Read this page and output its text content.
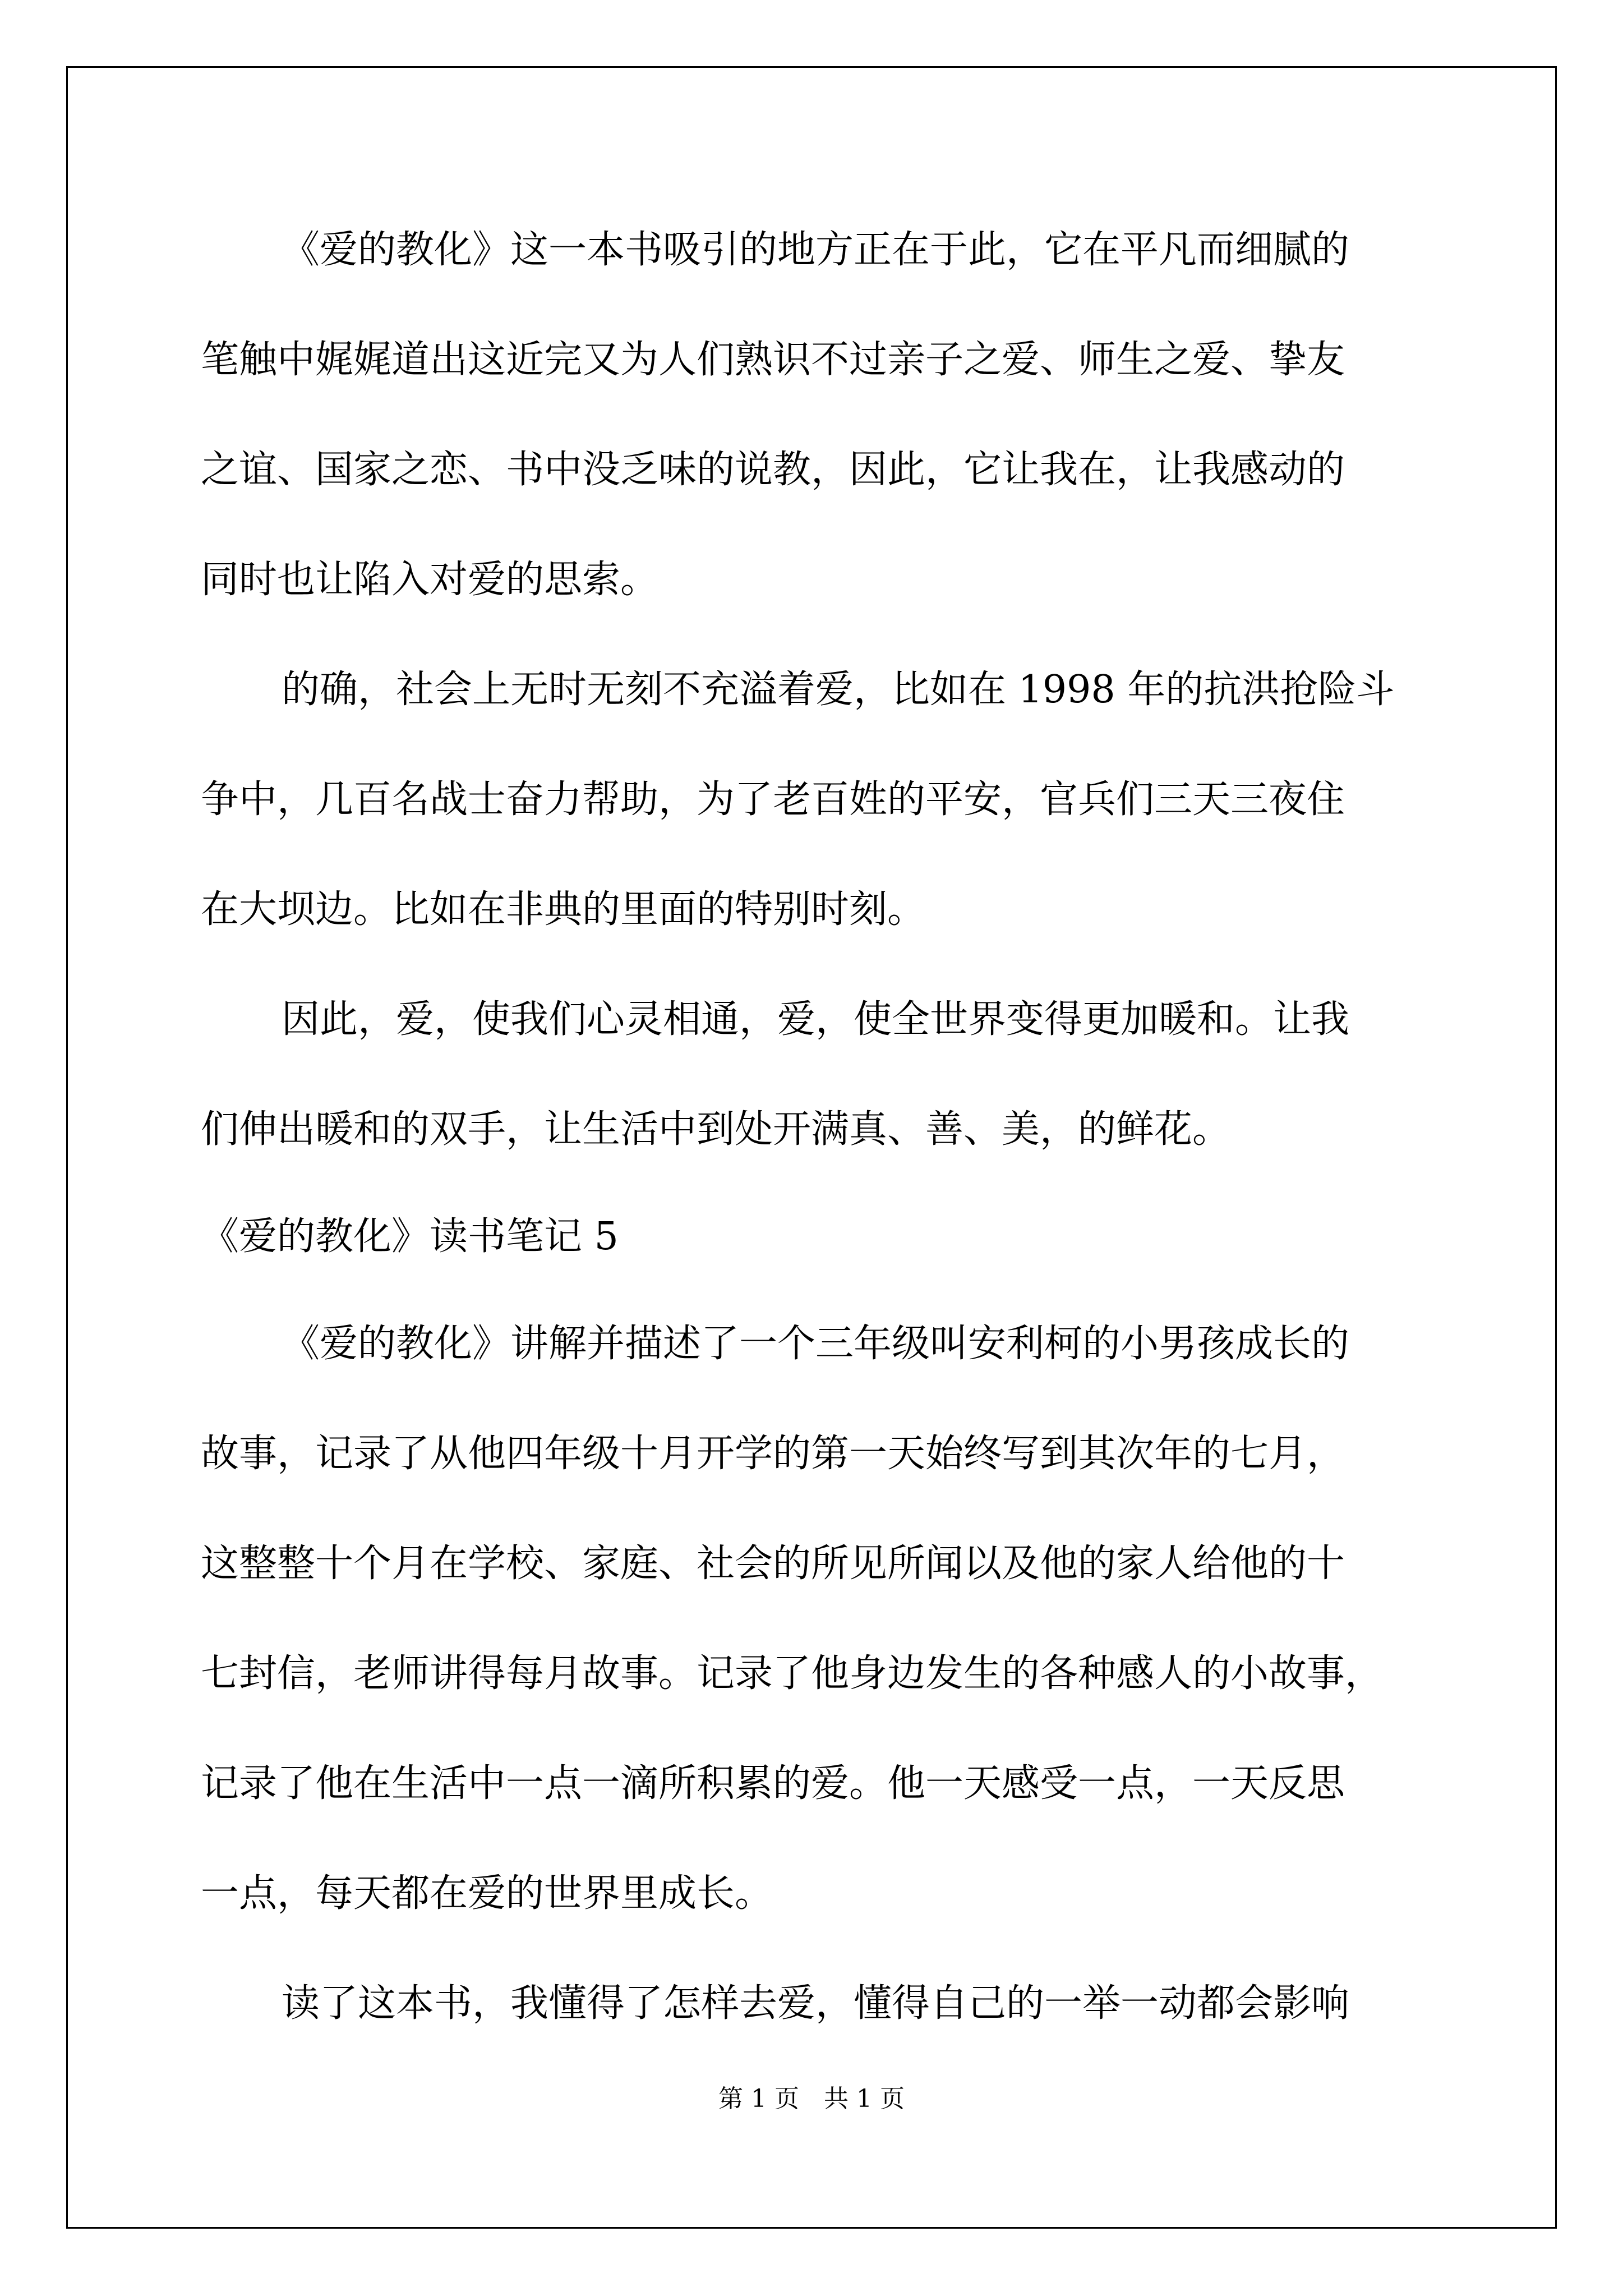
《爱的教化》这一本书吸引的地方正在于此，它在平凡而细腻的

笔触中娓娓道出这近完又为人们熟识不过亲子之爱、师生之爱、挚友

之谊、国家之恋、书中没乏味的说教，因此，它让我在，让我感动的

同时也让陷入对爱的思索。

的确，社会上无时无刻不充溢着爱，比如在 1998 年的抗洪抢险斗

争中，几百名战士奋力帮助，为了老百姓的平安，官兵们三天三夜住

在大坝边。比如在非典的里面的特别时刻。

因此，爱，使我们心灵相通，爱，使全世界变得更加暖和。让我

们伸出暖和的双手，让生活中到处开满真、善、美，的鲜花。

《爱的教化》读书笔记 5

《爱的教化》讲解并描述了一个三年级叫安利柯的小男孩成长的

故事，记录了从他四年级十月开学的第一天始终写到其次年的七月，

这整整十个月在学校、家庭、社会的所见所闻以及他的家人给他的十

七封信，老师讲得每月故事。记录了他身边发生的各种感人的小故事，

记录了他在生活中一点一滴所积累的爱。他一天感受一点，一天反思

一点，每天都在爱的世界里成长。

读了这本书，我懂得了怎样去爱，懂得自己的一举一动都会影响

第 1 页　共 1 页
